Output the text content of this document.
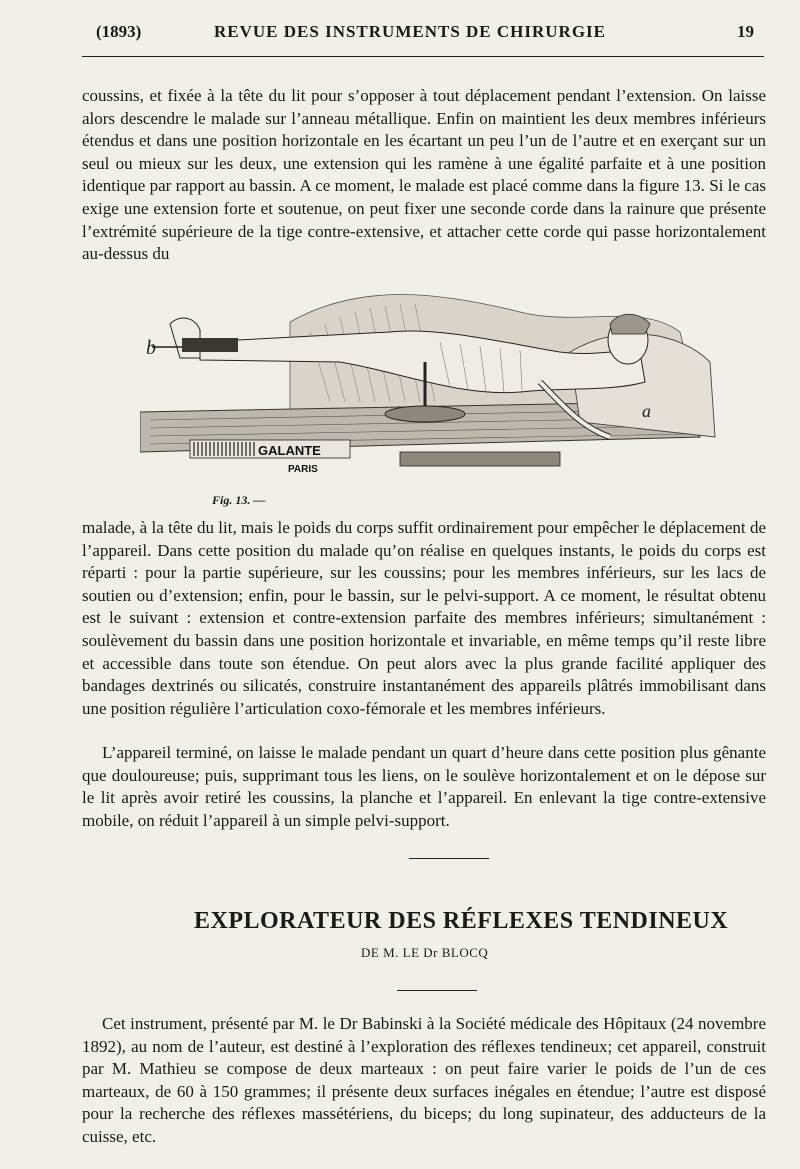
(1893)	REVUE DES INSTRUMENTS DE CHIRURGIE	19

coussins, et fixée à la tête du lit pour s’opposer à tout déplacement pendant l’extension. On laisse alors descendre le malade sur l’anneau métallique. Enfin on maintient les deux membres inférieurs étendus et dans une position horizontale en les écartant un peu l’un de l’autre et en exerçant sur un seul ou mieux sur les deux, une extension qui les ramène à une égalité parfaite et à une position identique par rapport au bassin. A ce moment, le malade est placé comme dans la figure 13. Si le cas exige une extension forte et soutenue, on peut fixer une seconde corde dans la rainure que présente l’extrémité supérieure de la tige contre-extensive, et attacher cette corde qui passe horizontalement au-dessus du

b
a
GALANTE
PARIS
Fig. 13. —

malade, à la tête du lit, mais le poids du corps suffit ordinairement pour empêcher le déplacement de l’appareil. Dans cette position du malade qu’on réalise en quelques instants, le poids du corps est réparti : pour la partie supérieure, sur les coussins; pour les membres inférieurs, sur les lacs de soutien ou d’extension; enfin, pour le bassin, sur le pelvi-support. A ce moment, le résultat obtenu est le suivant : extension et contre-extension parfaite des membres inférieurs; simultanément : soulèvement du bassin dans une position horizontale et invariable, en même temps qu’il reste libre et accessible dans toute son étendue. On peut alors avec la plus grande facilité appliquer des bandages dextrinés ou silicatés, construire instantanément des appareils plâtrés immobilisant dans une position régulière l’articulation coxo-fémorale et les membres inférieurs.

L’appareil terminé, on laisse le malade pendant un quart d’heure dans cette position plus gênante que douloureuse; puis, supprimant tous les liens, on le soulève horizontalement et on le dépose sur le lit après avoir retiré les coussins, la planche et l’appareil. En enlevant la tige contre-extensive mobile, on réduit l’appareil à un simple pelvi-support.

EXPLORATEUR DES RÉFLEXES TENDINEUX
DE M. LE Dr BLOCQ

Cet instrument, présenté par M. le Dr Babinski à la Société médicale des Hôpitaux (24 novembre 1892), au nom de l’auteur, est destiné à l’exploration des réflexes tendineux; cet appareil, construit par M. Mathieu se compose de deux marteaux : on peut faire varier le poids de l’un de ces marteaux, de 60 à 150 grammes; il présente deux surfaces inégales en étendue; l’autre est disposé pour la recherche des réflexes massétériens, du biceps; du long supinateur, des adducteurs de la cuisse, etc.
